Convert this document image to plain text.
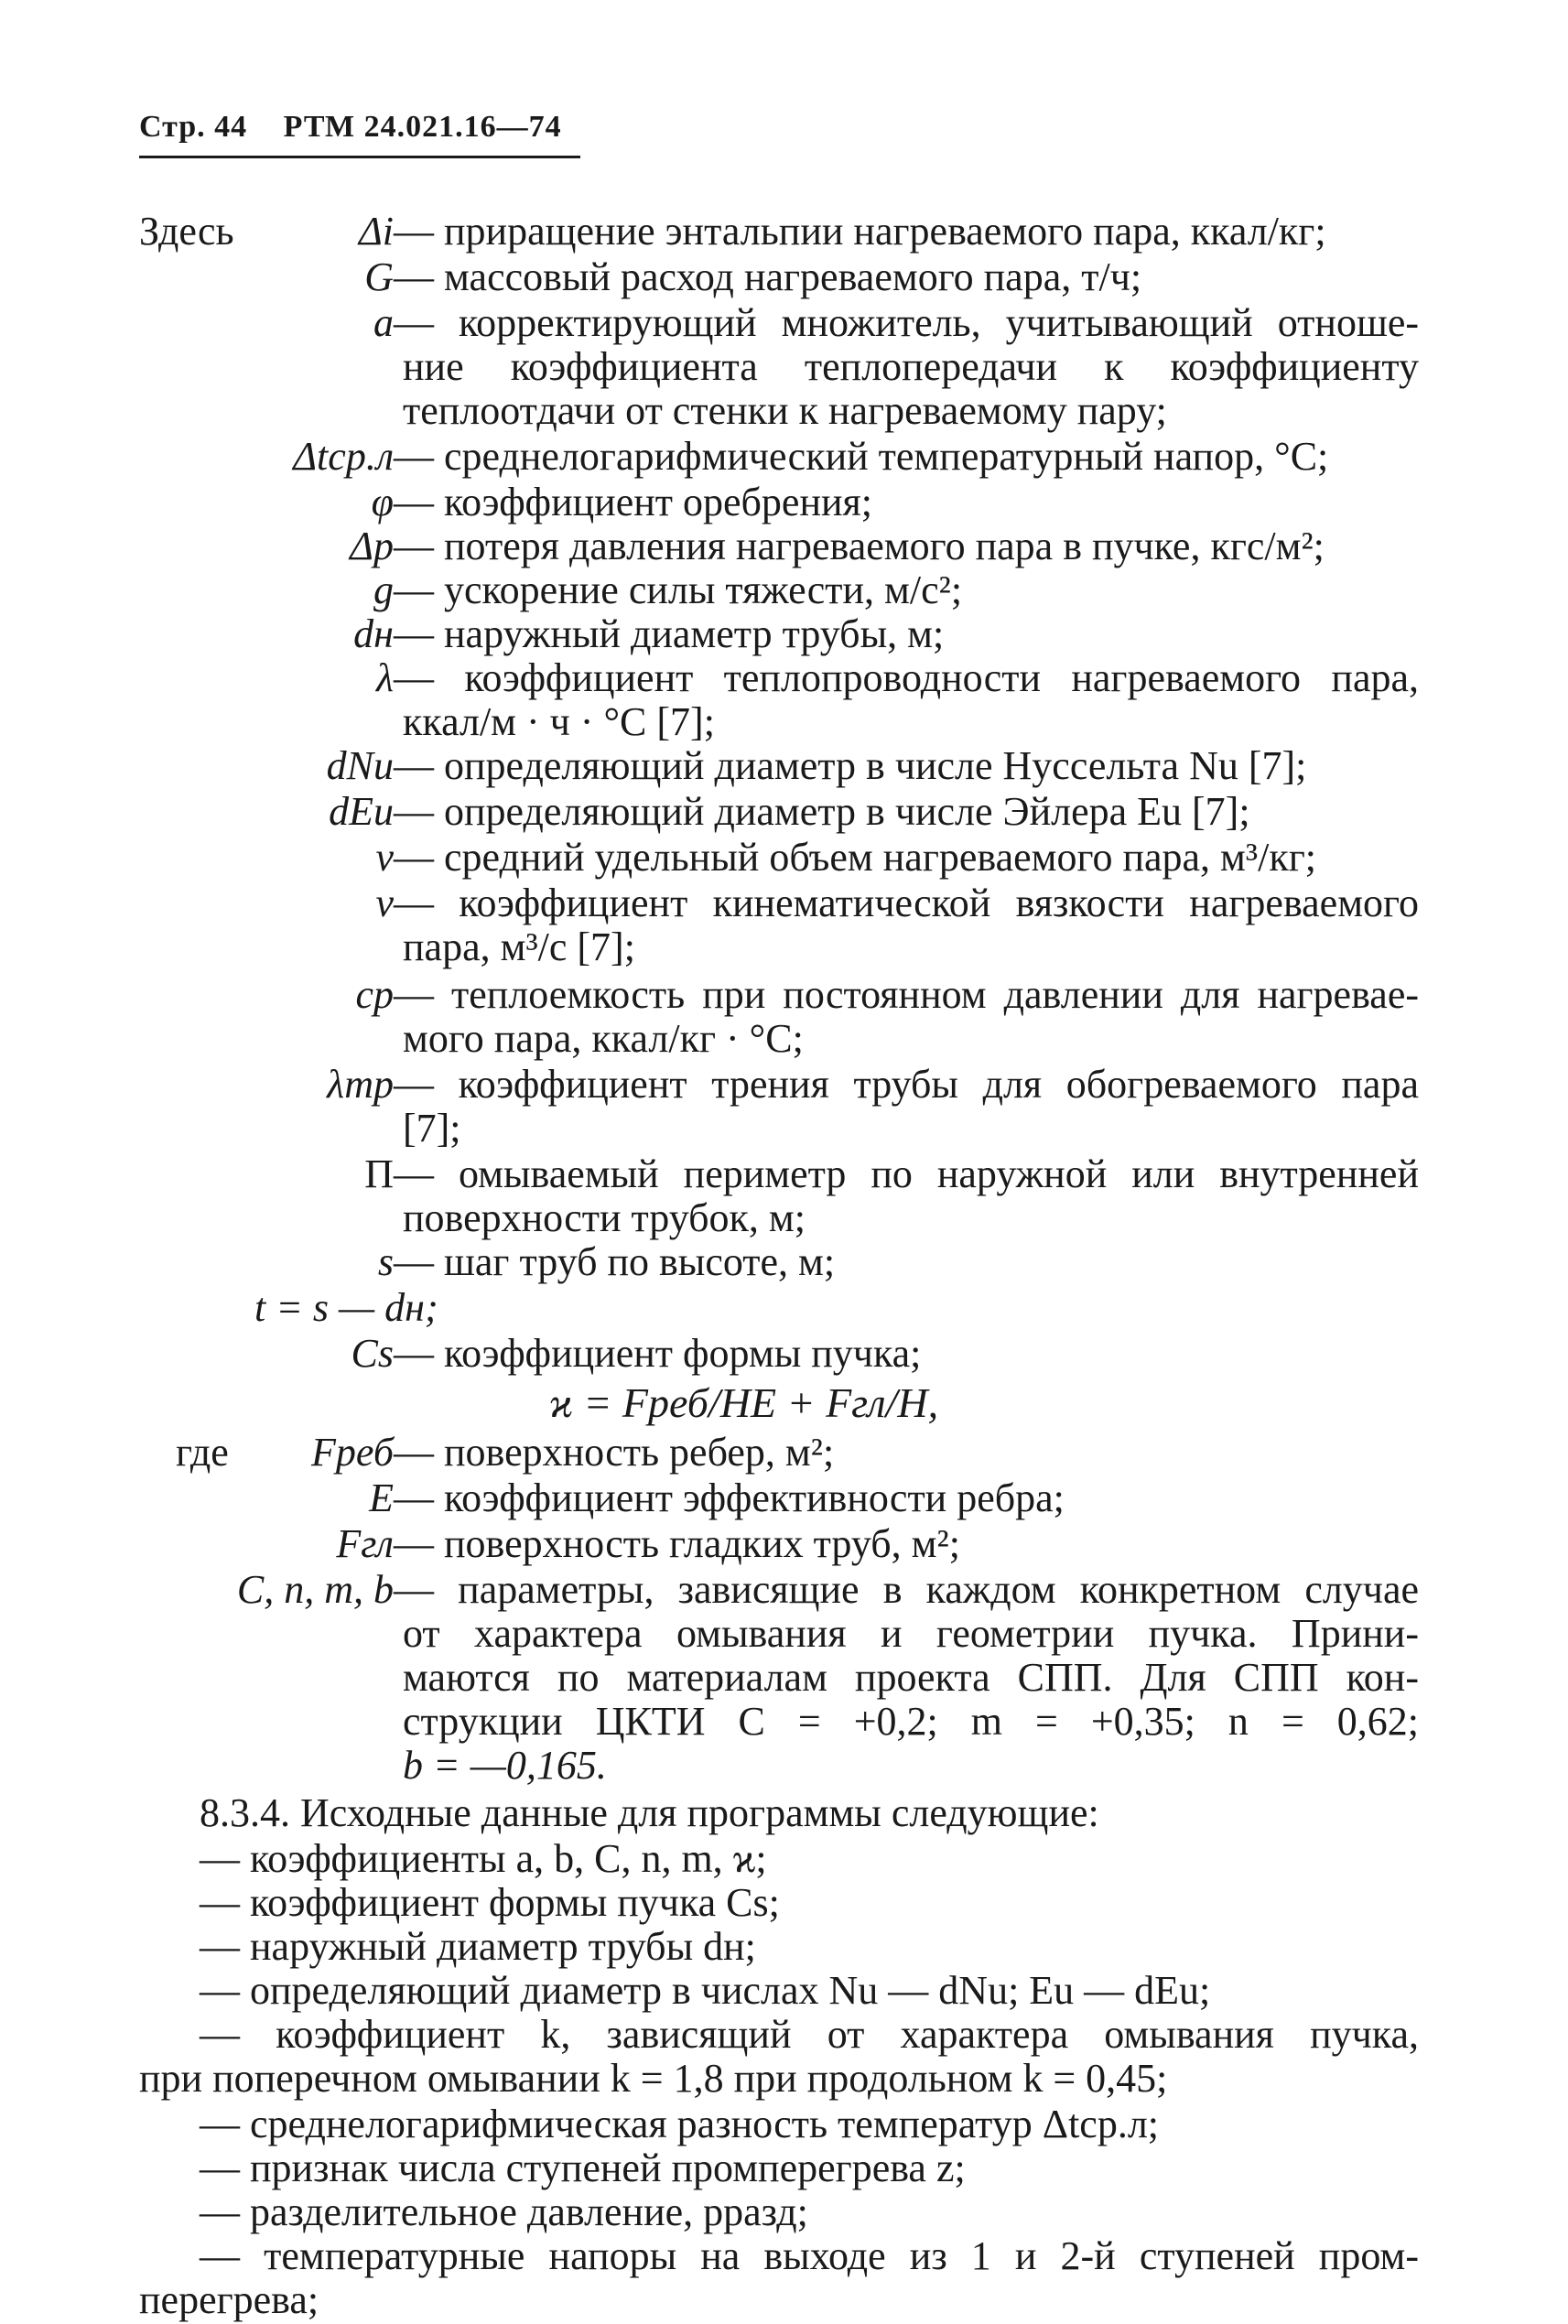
Стр. 44 РТМ 24.021.16—74
Здесь	Δi — приращение энтальпии нагреваемого пара, ккал/кг;
G — массовый расход нагреваемого пара, т/ч;
a — корректирующий множитель, учитывающий отноше-
ние коэффициента теплопередачи к коэффициенту
теплоотдачи от стенки к нагреваемому пару;
Δtср.л — среднелогарифмический температурный напор, °С;
φ — коэффициент оребрения;
Δp — потеря давления нагреваемого пара в пучке, кгс/м²;
g — ускорение силы тяжести, м/с²;
dн — наружный диаметр трубы, м;
λ — коэффициент теплопроводности нагреваемого пара,
ккал/м · ч · °С [7];
dNu — определяющий диаметр в числе Нуссельта Nu [7];
dEu — определяющий диаметр в числе Эйлера Eu [7];
v — средний удельный объем нагреваемого пара, м³/кг;
ν — коэффициент кинематической вязкости нагреваемого
пара, м³/с [7];
cp — теплоемкость при постоянном давлении для нагревае-
мого пара, ккал/кг · °С;
λтр — коэффициент трения трубы для обогреваемого пара
[7];
П — омываемый периметр по наружной или внутренней
поверхности трубок, м;
s — шаг труб по высоте, м;
t = s — dн;
Cs — коэффициент формы пучка;
ϰ = Fреб/HE + Fгл/H,
где	Fреб — поверхность ребер, м²;
E — коэффициент эффективности ребра;
Fгл — поверхность гладких труб, м²;
C, n, m, b — параметры, зависящие в каждом конкретном случае
от характера омывания и геометрии пучка. Прини-
маются по материалам проекта СПП. Для СПП кон-
струкции ЦКТИ C = +0,2; m = +0,35; n = 0,62;
b = —0,165.
8.3.4. Исходные данные для программы следующие:
— коэффициенты a, b, C, n, m, ϰ;
— коэффициент формы пучка Cs;
— наружный диаметр трубы dн;
— определяющий диаметр в числах Nu — dNu; Eu — dEu;
— коэффициент k, зависящий от характера омывания пучка,
при поперечном омывании k = 1,8 при продольном k = 0,45;
— среднелогарифмическая разность температур Δtср.л;
— признак числа ступеней промперегрева z;
— разделительное давление, pразд;
— температурные напоры на выходе из 1 и 2-й ступеней пром-
перегрева;
